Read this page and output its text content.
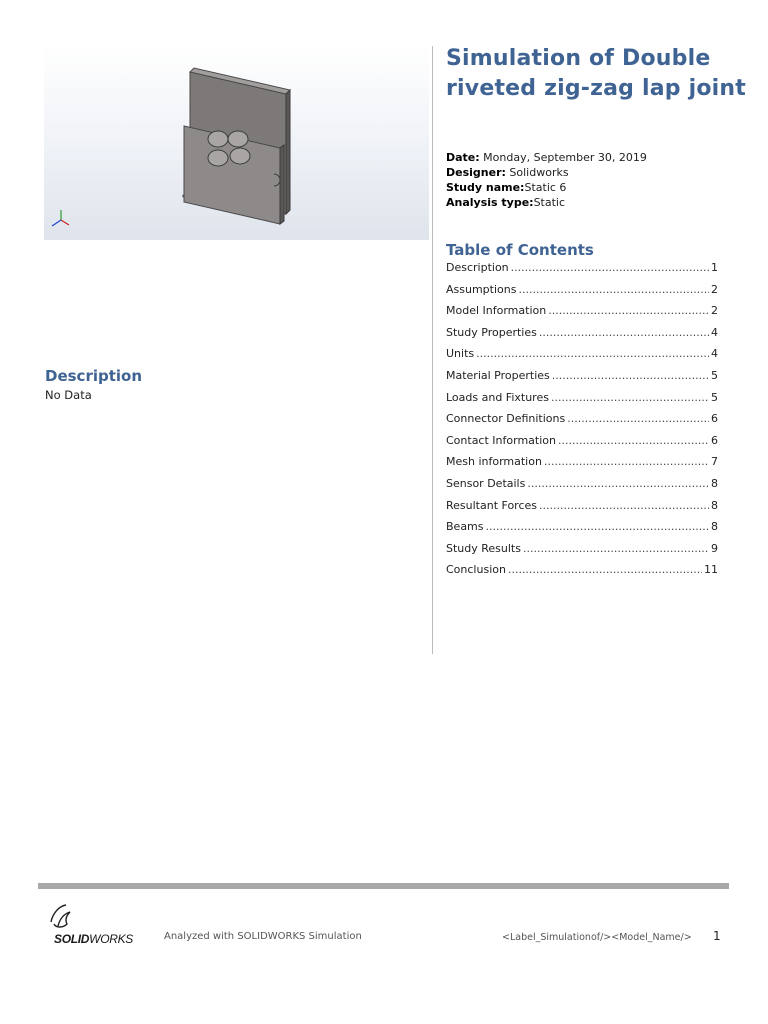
Simulation of Double riveted zig-zag lap joint
Date: Monday, September 30, 2019
Designer: Solidworks
Study name:Static 6
Analysis type:Static
Table of Contents
Description .....	1
Assumptions .....	2
Model Information .....	2
Study Properties .....	4
Units .....	4
Material Properties .....	5
Loads and Fixtures .....	5
Connector Definitions .....	6
Contact Information .....	6
Mesh information .....	7
Sensor Details .....	8
Resultant Forces .....	8
Beams .....	8
Study Results .....	9
Conclusion .....	11
Description
No Data
SOLIDWORKS	Analyzed with SOLIDWORKS Simulation	<Label_Simulationof/><Model_Name/> 1
